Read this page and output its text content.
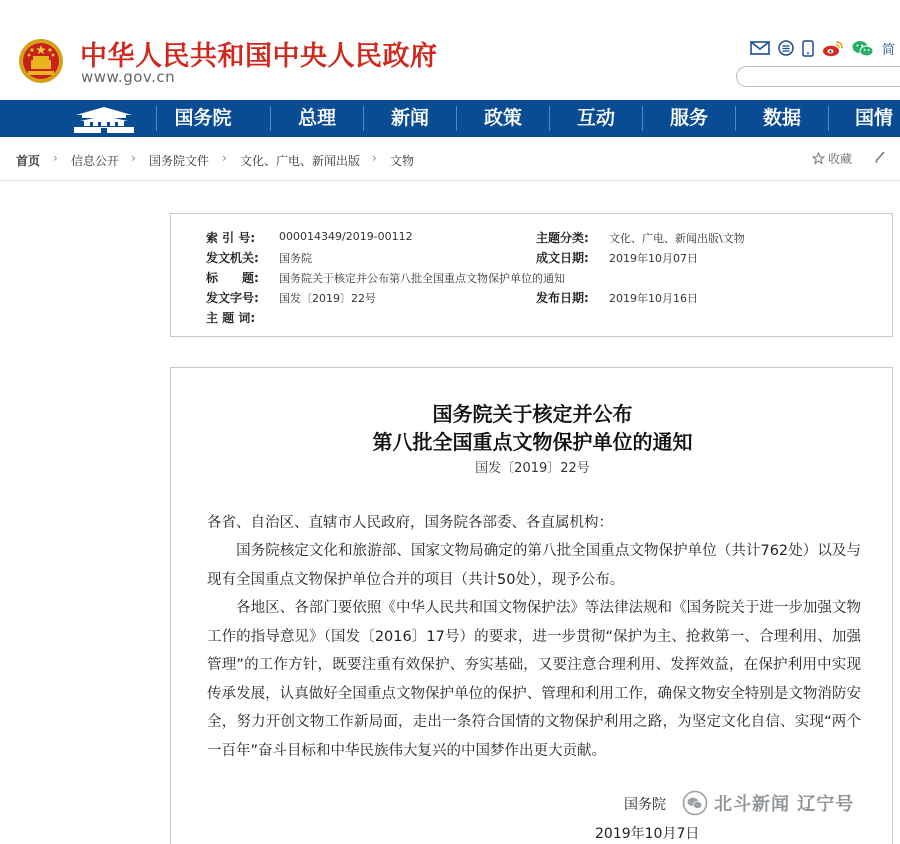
中华人民共和国中央人民政府
www.gov.cn
简
国务院	总理	新闻	政策	互动	服务	数据	国情
首页 › 信息公开 › 国务院文件 › 文化、广电、新闻出版 › 文物	收藏
索 引 号: 000014349/2019-00112	主题分类: 文化、广电、新闻出版\文物
发文机关: 国务院	成文日期: 2019年10月07日
标　　题: 国务院关于核定并公布第八批全国重点文物保护单位的通知
发文字号: 国发〔2019〕22号	发布日期: 2019年10月16日
主 题 词:
国务院关于核定并公布
第八批全国重点文物保护单位的通知
国发〔2019〕22号
各省、自治区、直辖市人民政府，国务院各部委、各直属机构：
　　国务院核定文化和旅游部、国家文物局确定的第八批全国重点文物保护单位（共计762处）以及与现有全国重点文物保护单位合并的项目（共计50处），现予公布。
　　各地区、各部门要依照《中华人民共和国文物保护法》等法律法规和《国务院关于进一步加强文物工作的指导意见》（国发〔2016〕17号）的要求，进一步贯彻“保护为主、抢救第一、合理利用、加强管理”的工作方针，既要注重有效保护、夯实基础，又要注意合理利用、发挥效益，在保护利用中实现传承发展，认真做好全国重点文物保护单位的保护、管理和利用工作，确保文物安全特别是文物消防安全，努力开创文物工作新局面，走出一条符合国情的文物保护利用之路，为坚定文化自信、实现“两个一百年”奋斗目标和中华民族伟大复兴的中国梦作出更大贡献。
国务院
2019年10月7日
北斗新闻 辽宁号
